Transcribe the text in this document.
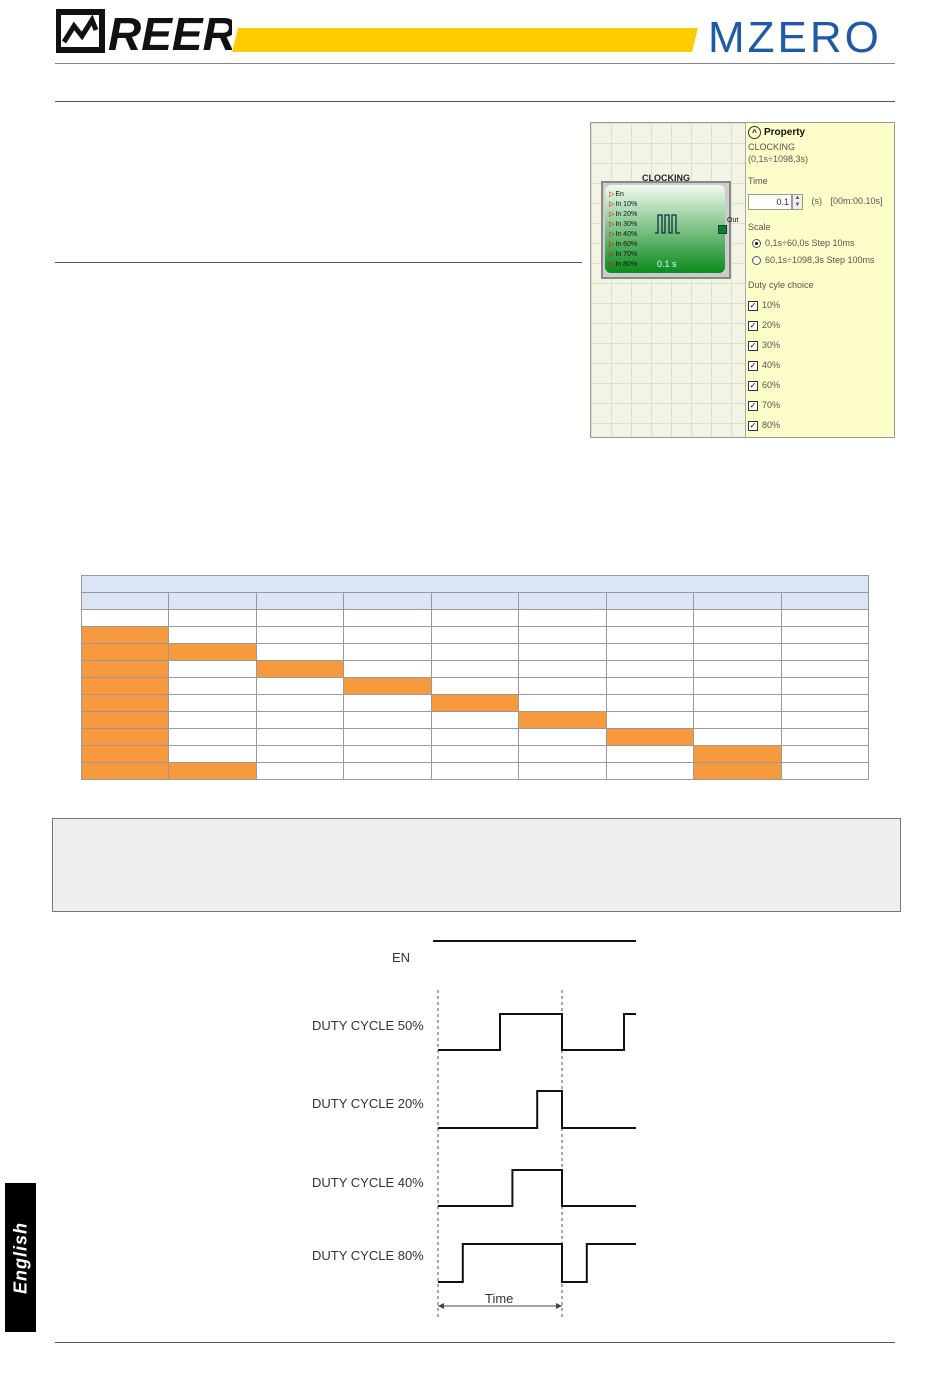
REER	MZERO
CLOCKING
▷ En
▷ In 10%
▷ In 20%
▷ In 30%
▷ In 40%
▷ In 60%
▷ In 70%
▷ In 80% 0.1 s
Out
^ Property
CLOCKING
(0,1s÷1098,3s)
Time
0.1 ▲
▼ (s) [00m:00.10s]
Scale
0,1s÷60,0s Step 10ms
60,1s÷1098,3s Step 100ms
Duty cyle choice
✓ 10%
✓ 20%
✓ 30%
✓ 40%
✓ 60%
✓ 70%
✓ 80%

EN
DUTY CYCLE 50%
DUTY CYCLE 20%
DUTY CYCLE 40%
DUTY CYCLE 80%
Time
English
